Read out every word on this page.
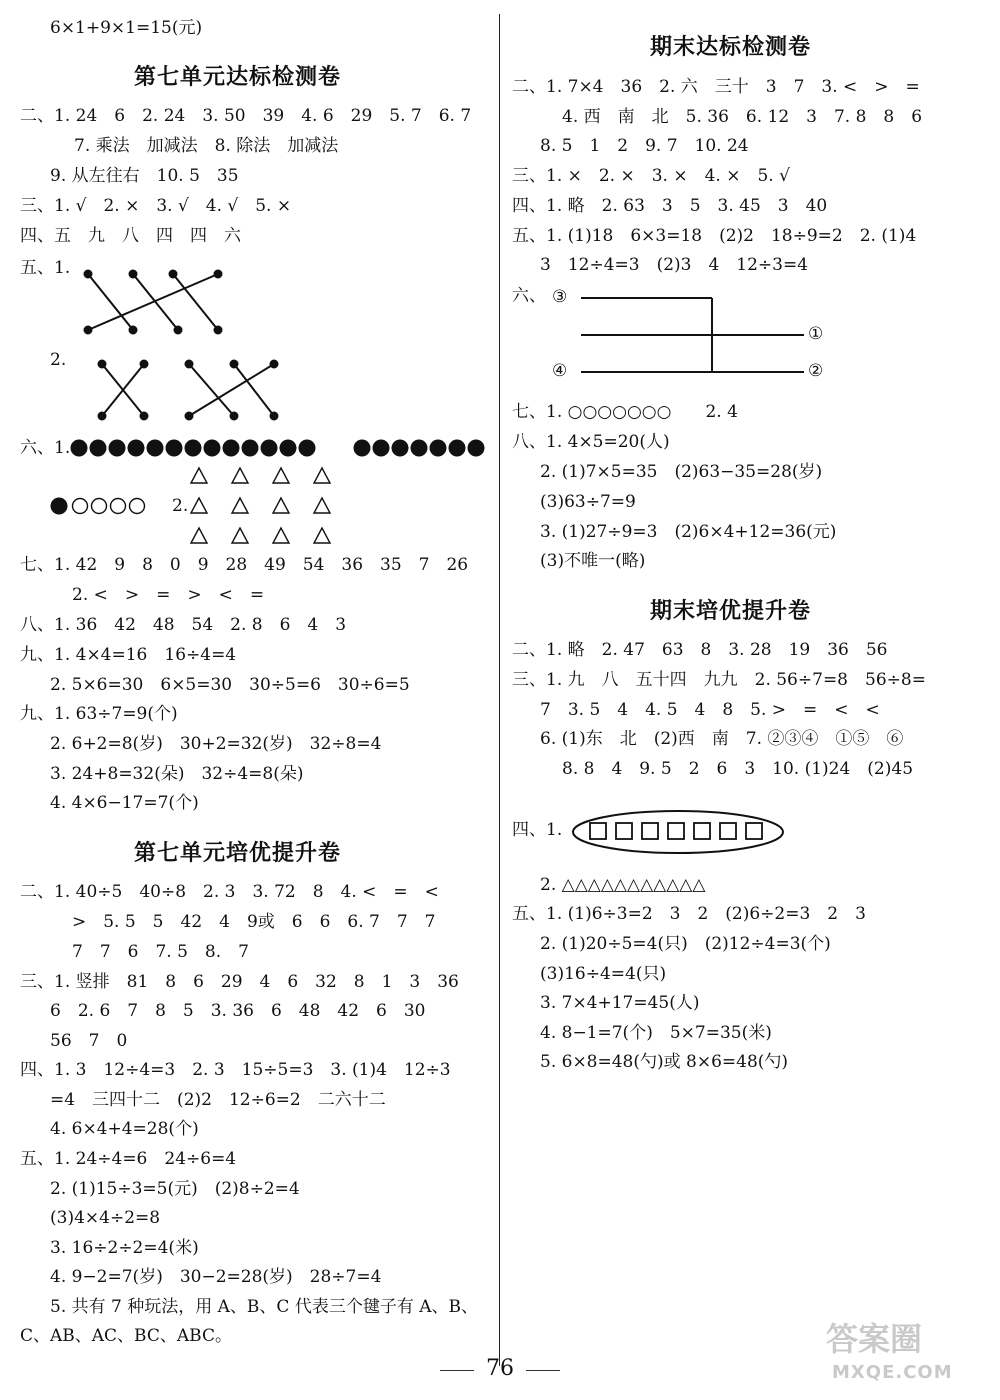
6×1+9×1=15(元)
第七单元达标检测卷
二、1. 24　6　2. 24　3. 50　39　4. 6　29　5. 7　6. 7
7. 乘法　加减法　8. 除法　加减法
9. 从左往右　10. 5　35
三、1. √　2. ×　3. √　4. √　5. ×
四、五　九　八　四　四　六
五、1.
2.
六、1.
2.
七、1. 42　9　8　0　9　28　49　54　36　35　7　26
2. <　>　=　>　<　=
八、1. 36　42　48　54　2. 8　6　4　3
九、1. 4×4=16　16÷4=4
2. 5×6=30　6×5=30　30÷5=6　30÷6=5
九、1. 63÷7=9(个)
2. 6+2=8(岁)　30+2=32(岁)　32÷8=4
3. 24+8=32(朵)　32÷4=8(朵)
4. 4×6−17=7(个)
第七单元培优提升卷
二、1. 40÷5　40÷8　2. 3　3. 72　8　4. <　=　<
>　5. 5　5　42　4　9或　6　6　6. 7　7　7
7　7　6　7. 5　8.　7
三、1. 竖排　81　8　6　29　4　6　32　8　1　3　36
6　2. 6　7　8　5　3. 36　6　48　42　6　30
56　7　0
四、1. 3　12÷4=3　2. 3　15÷5=3　3. (1)4　12÷3
=4　三四十二　(2)2　12÷6=2　二六十二
4. 6×4+4=28(个)
五、1. 24÷4=6　24÷6=4
2. (1)15÷3=5(元)　(2)8÷2=4
(3)4×4÷2=8
3. 16÷2÷2=4(米)
4. 9−2=7(岁)　30−2=28(岁)　28÷7=4
5. 共有 7 种玩法，用 A、B、C 代表三个毽子有 A、B、
C、AB、AC、BC、ABC。
期末达标检测卷
二、1. 7×4　36　2. 六　三十　3　7　3. <　>　=
4. 西　南　北　5. 36　6. 12　3　7. 8　8　6
8. 5　1　2　9. 7　10. 24
三、1. ×　2. ×　3. ×　4. ×　5. √
四、1. 略　2. 63　3　5　3. 45　3　40
五、1. (1)18　6×3=18　(2)2　18÷9=2　2. (1)4
3　12÷4=3　(2)3　4　12÷3=4
六、 ③
①
④	②
七、1. ○○○○○○○　　2. 4
八、1. 4×5=20(人)
2. (1)7×5=35　(2)63−35=28(岁)
(3)63÷7=9
3. (1)27÷9=3　(2)6×4+12=36(元)
(3)不唯一(略)
期末培优提升卷
二、1. 略　2. 47　63　8　3. 28　19　36　56
三、1. 九　八　五十四　九九　2. 56÷7=8　56÷8=
7　3. 5　4　4. 5　4　8　5. >　=　<　<
6. (1)东　北　(2)西　南　7. ②③④　①⑤　⑥
8. 8　4　9. 5　2　6　3　10. (1)24　(2)45
四、1.
2. △△△△△△△△△△△
五、1. (1)6÷3=2　3　2　(2)6÷2=3　2　3
2. (1)20÷5=4(只)　(2)12÷4=3(个)
(3)16÷4=4(只)
3. 7×4+17=45(人)
4. 8−1=7(个)　5×7=35(米)
5. 6×8=48(勺)或 8×6=48(勺)
76
答案圈
MXQE.COM
